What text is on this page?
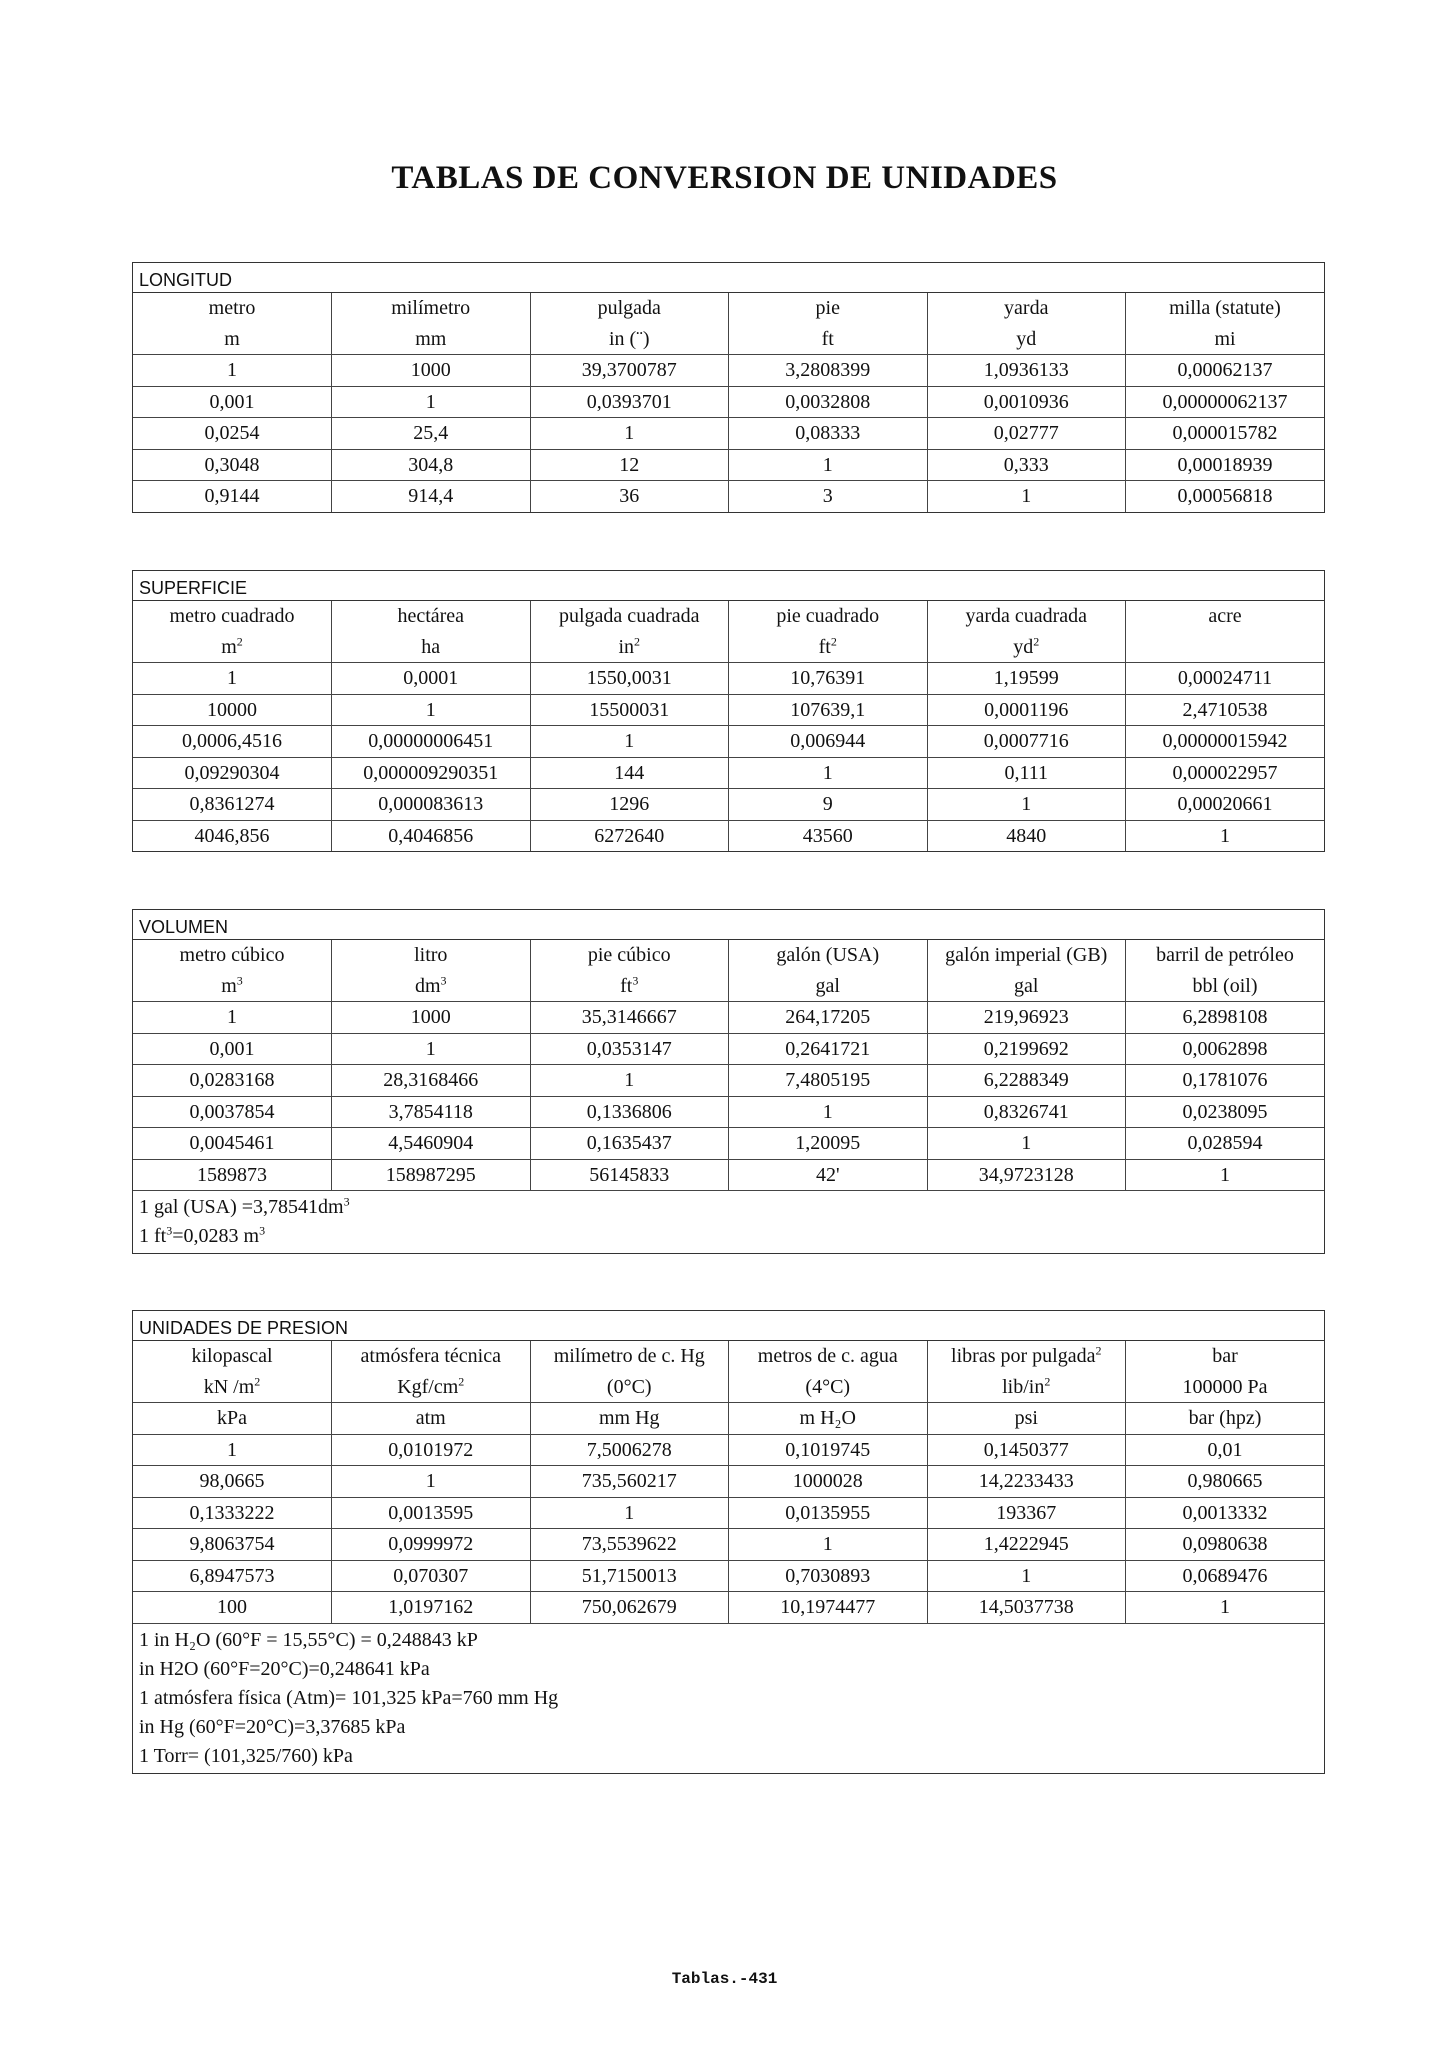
TABLAS DE CONVERSION DE UNIDADES
LONGITUD
metro	milímetro	pulgada	pie	yarda	milla (statute)
m	mm	in (¨)	ft	yd	mi
1	1000	39,3700787	3,2808399	1,0936133	0,00062137
0,001	1	0,0393701	0,0032808	0,0010936	0,00000062137
0,0254	25,4	1	0,08333	0,02777	0,000015782
0,3048	304,8	12	1	0,333	0,00018939
0,9144	914,4	36	3	1	0,00056818
SUPERFICIE
metro cuadrado	hectárea	pulgada cuadrada	pie cuadrado	yarda cuadrada	acre
$m^2$	ha	$in^2$	$ft^2$	$yd^2$	
1	0,0001	1550,0031	10,76391	1,19599	0,00024711
10000	1	15500031	107639,1	0,0001196	2,4710538
0,0006,4516	0,00000006451	1	0,006944	0,0007716	0,00000015942
0,09290304	0,000009290351	144	1	0,111	0,000022957
0,8361274	0,000083613	1296	9	1	0,00020661
4046,856	0,4046856	6272640	43560	4840	1
VOLUMEN
metro cúbico	litro	pie cúbico	galón (USA)	galón imperial (GB)	barril de petróleo
$m^3$	$dm^3$	$ft^3$	gal	gal	bbl (oil)
1	1000	35,3146667	264,17205	219,96923	6,2898108
0,001	1	0,0353147	0,2641721	0,2199692	0,0062898
0,0283168	28,3168466	1	7,4805195	6,2288349	0,1781076
0,0037854	3,7854118	0,1336806	1	0,8326741	0,0238095
0,0045461	4,5460904	0,1635437	1,20095	1	0,028594
1589873	158987295	56145833	42'	34,9723128	1
1 gal $(USA) =3,78541dm^3$
1 $ft^3=0,0283$ $m^3$
UNIDADES DE PRESION
kilopascal	atmósfera técnica	milímetro de c. Hg	metros de c. agua	libras por pulgada$^2$	bar
kN $/m^2$	Kgf/$cm^2$	(0°C)	(4°C)	lib/$in^2$	100000 Pa
kPa	atm	mm Hg	m H₂O	psi	bar (hpz)
1	0,0101972	7,5006278	0,1019745	0,1450377	0,01
98,0665	1	735,560217	1000028	14,2233433	0,980665
0,1333222	0,0013595	1	0,0135955	193367	0,0013332
9,8063754	0,0999972	73,5539622	1	1,4222945	0,0980638
6,8947573	0,070307	51,7150013	0,7030893	1	0,0689476
100	1,0197162	750,062679	10,1974477	14,5037738	1
1 in H₂O (60°F = 15,55°C) = 0,248843 kP
in H2O (60°F=20°C)=0,248641 kPa
1 atmósfera física (Atm)= 101,325 kPa=760 mm Hg
in Hg (60°F=20°C)=3,37685 kPa
1 Torr= (101,325/760) kPa
Tablas.-431
